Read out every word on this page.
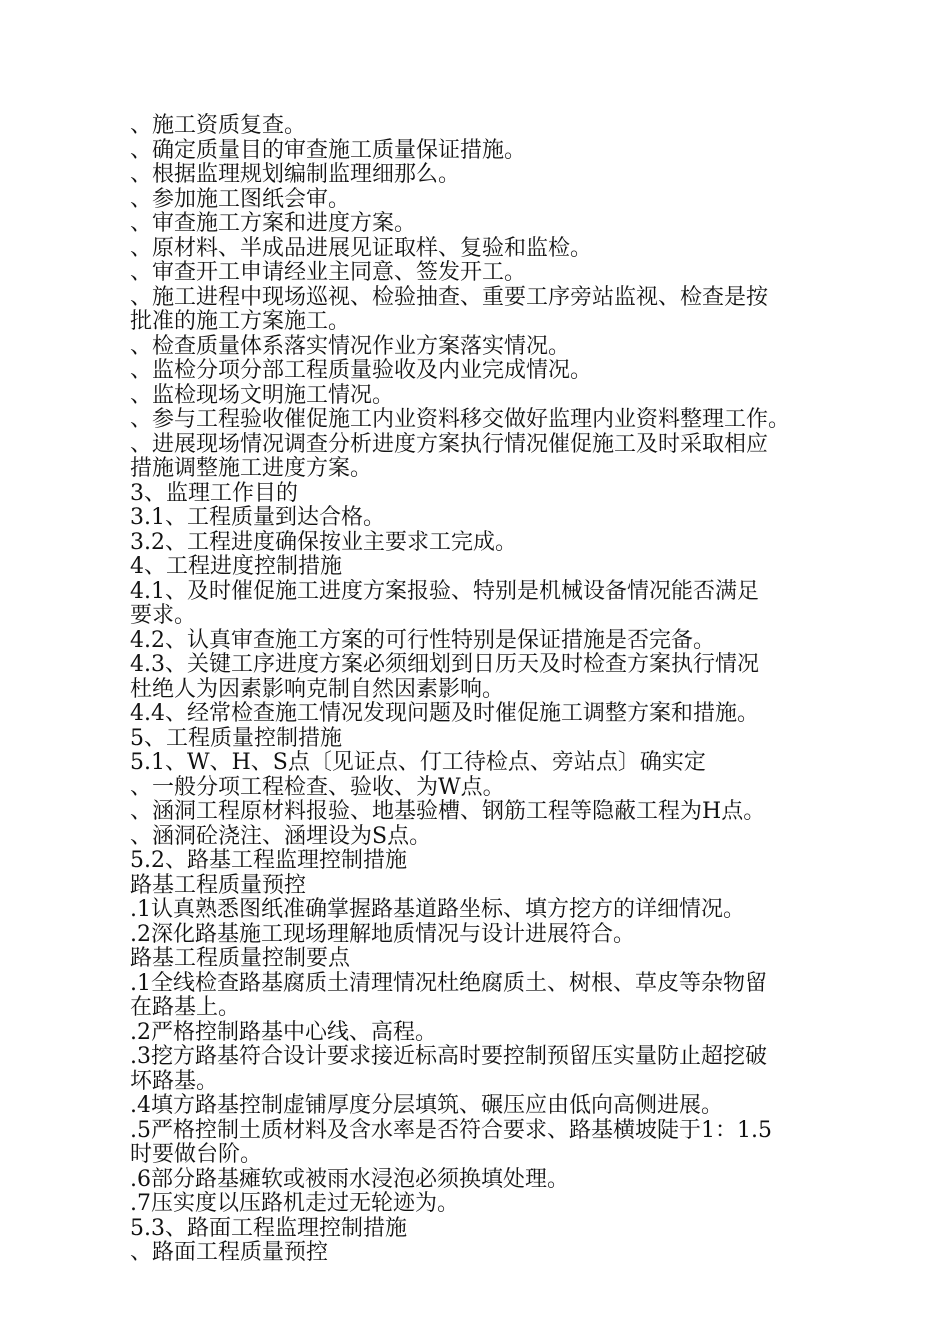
、施工资质复查。
、确定质量目的审查施工质量保证措施。
、根据监理规划编制监理细那么。
、参加施工图纸会审。
、审查施工方案和进度方案。
、原材料、半成品进展见证取样、复验和监检。
、审查开工申请经业主同意、签发开工。
、施工进程中现场巡视、检验抽查、重要工序旁站监视、检查是按
批准的施工方案施工。
、检查质量体系落实情况作业方案落实情况。
、监检分项分部工程质量验收及内业完成情况。
、监检现场文明施工情况。
、参与工程验收催促施工内业资料移交做好监理内业资料整理工作。
、进展现场情况调查分析进度方案执行情况催促施工及时采取相应
措施调整施工进度方案。
3、监理工作目的
3.1、工程质量到达合格。
3.2、工程进度确保按业主要求工完成。
4、工程进度控制措施
4.1、及时催促施工进度方案报验、特别是机械设备情况能否满足
要求。
4.2、认真审查施工方案的可行性特别是保证措施是否完备。
4.3、关键工序进度方案必须细划到日历天及时检查方案执行情况
杜绝人为因素影响克制自然因素影响。
4.4、经常检查施工情况发现问题及时催促施工调整方案和措施。
5、工程质量控制措施
5.1、W、H、S点〔见证点、仃工待检点、旁站点〕确实定
、一般分项工程检查、验收、为W点。
、涵洞工程原材料报验、地基验槽、钢筋工程等隐蔽工程为H点。
、涵洞砼浇注、涵埋设为S点。
5.2、路基工程监理控制措施
路基工程质量预控
.1认真熟悉图纸准确掌握路基道路坐标、填方挖方的详细情况。
.2深化路基施工现场理解地质情况与设计进展符合。
路基工程质量控制要点
.1全线检查路基腐质土清理情况杜绝腐质土、树根、草皮等杂物留
在路基上。
.2严格控制路基中心线、高程。
.3挖方路基符合设计要求接近标高时要控制预留压实量防止超挖破
坏路基。
.4填方路基控制虚铺厚度分层填筑、碾压应由低向高侧进展。
.5严格控制土质材料及含水率是否符合要求、路基横坡陡于1：1.5
时要做台阶。
.6部分路基瘫软或被雨水浸泡必须换填处理。
.7压实度以压路机走过无轮迹为。
5.3、路面工程监理控制措施
、路面工程质量预控
